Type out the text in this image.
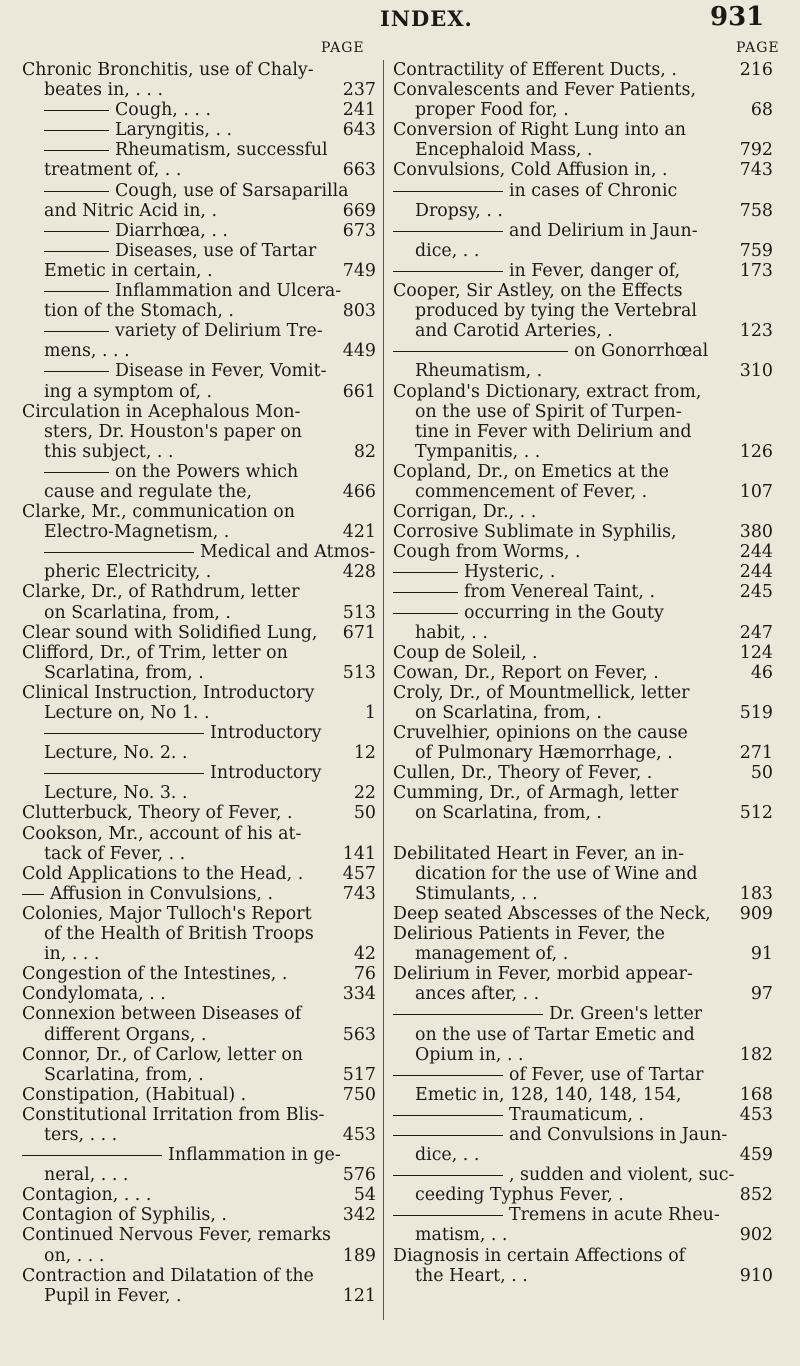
INDEX.	931
PAGE	PAGE
Chronic Bronchitis, use of Chaly-
beates in, . . .	237
Cough, . . .	241
Laryngitis, . .	643
Rheumatism, successful
treatment of, . .	663
Cough, use of Sarsaparilla
and Nitric Acid in, .	669
Diarrhœa, . .	673
Diseases, use of Tartar
Emetic in certain, .	749
Inflammation and Ulcera-
tion of the Stomach, .	803
variety of Delirium Tre-
mens, . . .	449
Disease in Fever, Vomit-
ing a symptom of, .	661
Circulation in Acephalous Mon-
sters, Dr. Houston's paper on
this subject, . .	82
on the Powers which
cause and regulate the,	466
Clarke, Mr., communication on
Electro-Magnetism, .	421
Medical and Atmos-
pheric Electricity, .	428
Clarke, Dr., of Rathdrum, letter
on Scarlatina, from, .	513
Clear sound with Solidified Lung, 671
Clifford, Dr., of Trim, letter on
Scarlatina, from, .	513
Clinical Instruction, Introductory
Lecture on, No 1. .	1
Introductory
Lecture, No. 2. .	12
Introductory
Lecture, No. 3. .	22
Clutterbuck, Theory of Fever, .	50
Cookson, Mr., account of his at-
tack of Fever, . .	141
Cold Applications to the Head, . 457
Affusion in Convulsions, .	743
Colonies, Major Tulloch's Report
of the Health of British Troops
in, . . .	42
Congestion of the Intestines, .	76
Condylomata, . .	334
Connexion between Diseases of
different Organs, .	563
Connor, Dr., of Carlow, letter on
Scarlatina, from, .	517
Constipation, (Habitual) .	750
Constitutional Irritation from Blis-
ters, . . .	453
Inflammation in ge-
neral, . . .	576
Contagion, . . .	54
Contagion of Syphilis, .	342
Continued Nervous Fever, remarks
on, . . .	189
Contraction and Dilatation of the
Pupil in Fever, .	121
Contractility of Efferent Ducts, .	216
Convalescents and Fever Patients,
proper Food for, .	68
Conversion of Right Lung into an
Encephaloid Mass, .	792
Convulsions, Cold Affusion in, .	743
in cases of Chronic
Dropsy, . .	758
and Delirium in Jaun-
dice, . .	759
in Fever, danger of,	173
Cooper, Sir Astley, on the Effects
produced by tying the Vertebral
and Carotid Arteries, .	123
on Gonorrhœal
Rheumatism, .	310
Copland's Dictionary, extract from,
on the use of Spirit of Turpen-
tine in Fever with Delirium and
Tympanitis, . .	126
Copland, Dr., on Emetics at the
commencement of Fever, .	107
Corrigan, Dr., . .
Corrosive Sublimate in Syphilis,	380
Cough from Worms, .	244
Hysteric, .	244
from Venereal Taint, .	245
occurring in the Gouty
habit, . .	247
Coup de Soleil, .	124
Cowan, Dr., Report on Fever, .	46
Croly, Dr., of Mountmellick, letter
on Scarlatina, from, .	519
Cruvelhier, opinions on the cause
of Pulmonary Hæmorrhage, .	271
Cullen, Dr., Theory of Fever, .	50
Cumming, Dr., of Armagh, letter
on Scarlatina, from, .	512
Debilitated Heart in Fever, an in-
dication for the use of Wine and
Stimulants, . .	183
Deep seated Abscesses of the Neck, 909
Delirious Patients in Fever, the
management of, .	91
Delirium in Fever, morbid appear-
ances after, . .	97
Dr. Green's letter
on the use of Tartar Emetic and
Opium in, . .	182
of Fever, use of Tartar
Emetic in, 128, 140, 148, 154,	168
Traumaticum, .	453
and Convulsions in Jaun-
dice, . .	459
, sudden and violent, suc-
ceeding Typhus Fever, .	852
Tremens in acute Rheu-
matism, . .	902
Diagnosis in certain Affections of
the Heart, . .	910
